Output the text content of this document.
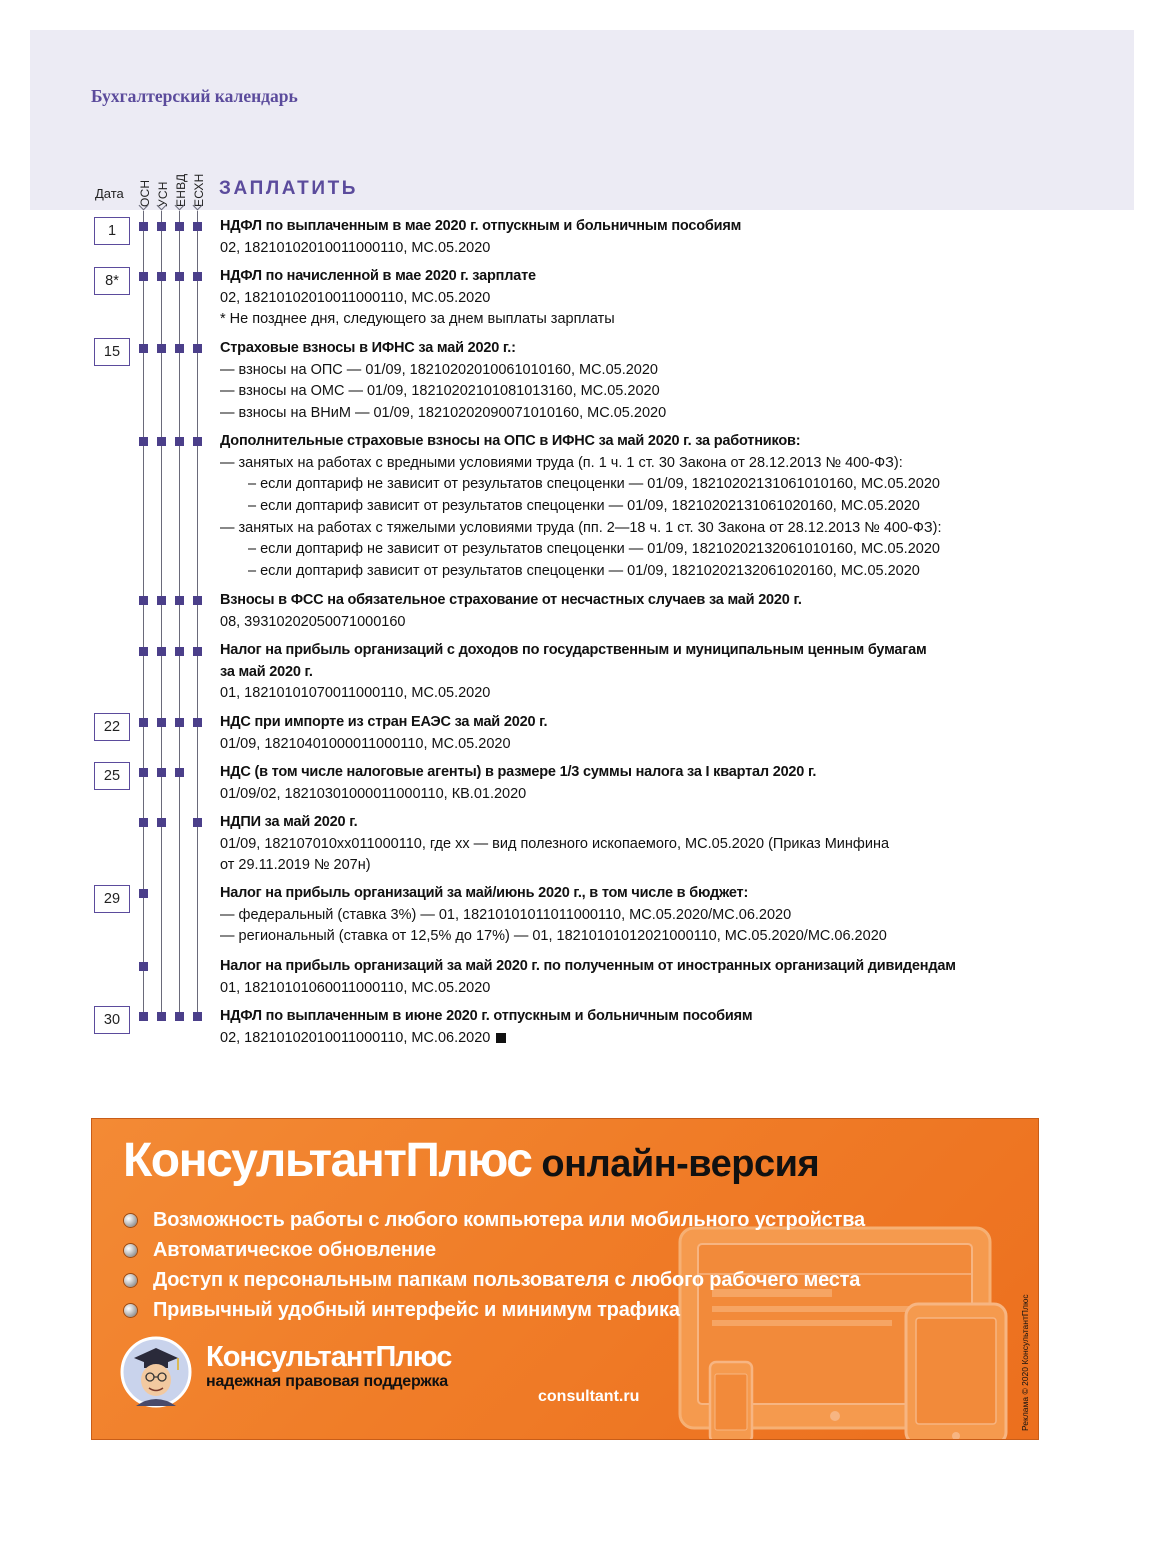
Бухгалтерский календарь
Дата ОСН УСН ЕНВД ЕСХН ЗАПЛАТИТЬ
1
8*
15
22
25
29
30
НДФЛ по выплаченным в мае 2020 г. отпускным и больничным пособиям
02, 18210102010011000110, МС.05.2020
НДФЛ по начисленной в мае 2020 г. зарплате
02, 18210102010011000110, МС.05.2020
* Не позднее дня, следующего за днем выплаты зарплаты
Страховые взносы в ИФНС за май 2020 г.:
— взносы на ОПС — 01/09, 18210202010061010160, МС.05.2020
— взносы на ОМС — 01/09, 18210202101081013160, МС.05.2020
— взносы на ВНиМ — 01/09, 18210202090071010160, МС.05.2020
Дополнительные страховые взносы на ОПС в ИФНС за май 2020 г. за работников:
— занятых на работах с вредными условиями труда (п. 1 ч. 1 ст. 30 Закона от 28.12.2013 № 400-ФЗ):
– если доптариф не зависит от результатов спецоценки — 01/09, 18210202131061010160, МС.05.2020
– если доптариф зависит от результатов спецоценки — 01/09, 18210202131061020160, МС.05.2020
— занятых на работах с тяжелыми условиями труда (пп. 2—18 ч. 1 ст. 30 Закона от 28.12.2013 № 400-ФЗ):
– если доптариф не зависит от результатов спецоценки — 01/09, 18210202132061010160, МС.05.2020
– если доптариф зависит от результатов спецоценки — 01/09, 18210202132061020160, МС.05.2020
Взносы в ФСС на обязательное страхование от несчастных случаев за май 2020 г.
08, 39310202050071000160
Налог на прибыль организаций с доходов по государственным и муниципальным ценным бумагам
за май 2020 г.
01, 18210101070011000110, МС.05.2020
НДС при импорте из стран ЕАЭС за май 2020 г.
01/09, 18210401000011000110, МС.05.2020
НДС (в том числе налоговые агенты) в размере 1/3 суммы налога за I квартал 2020 г.
01/09/02, 18210301000011000110, КВ.01.2020
НДПИ за май 2020 г.
01/09, 182107010xx011000110, где хх — вид полезного ископаемого, МС.05.2020 (Приказ Минфина
от 29.11.2019 № 207н)
Налог на прибыль организаций за май/июнь 2020 г., в том числе в бюджет:
— федеральный (ставка 3%) — 01, 18210101011011000110, МС.05.2020/МС.06.2020
— региональный (ставка от 12,5% до 17%) — 01, 18210101012021000110, МС.05.2020/МС.06.2020
Налог на прибыль организаций за май 2020 г. по полученным от иностранных организаций дивидендам
01, 18210101060011000110, МС.05.2020
НДФЛ по выплаченным в июне 2020 г. отпускным и больничным пособиям
02, 18210102010011000110, МС.06.2020
КонсультантПлюс онлайн-версия
Возможность работы с любого компьютера или мобильного устройства
Автоматическое обновление
Доступ к персональным папкам пользователя с любого рабочего места
Привычный удобный интерфейс и минимум трафика
КонсультантПлюс
надежная правовая поддержка
consultant.ru	Реклама © 2020 КонсультантПлюс
